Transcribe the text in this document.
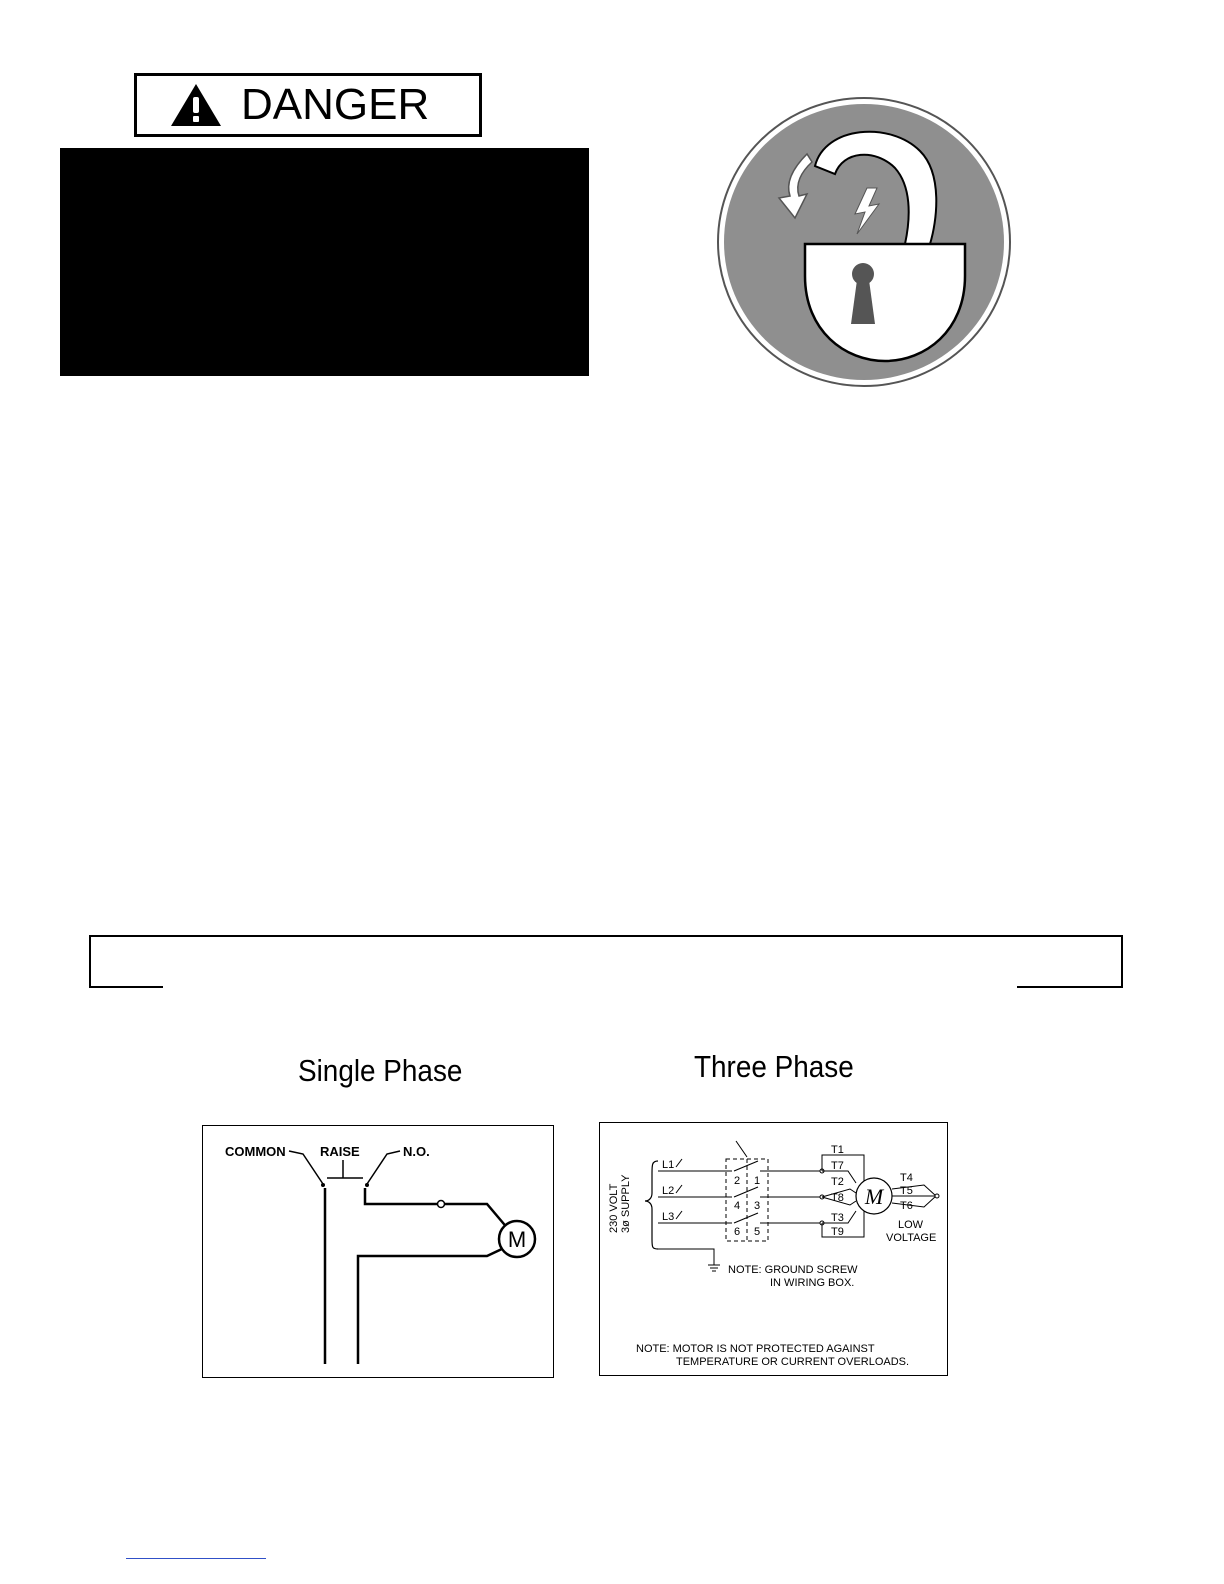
DANGER
Single Phase	Three Phase
COMMON	RAISE	N.O.
M
230 VOLT 3ø SUPPLY
L1
L2
L3
2 1
4 3
6 5
T1
T7
T2
T8
T3
T9
M
T4
T5
T6
LOW
VOLTAGE
NOTE: GROUND SCREW
IN WIRING BOX.
NOTE: MOTOR IS NOT PROTECTED AGAINST
TEMPERATURE OR CURRENT OVERLOADS.
